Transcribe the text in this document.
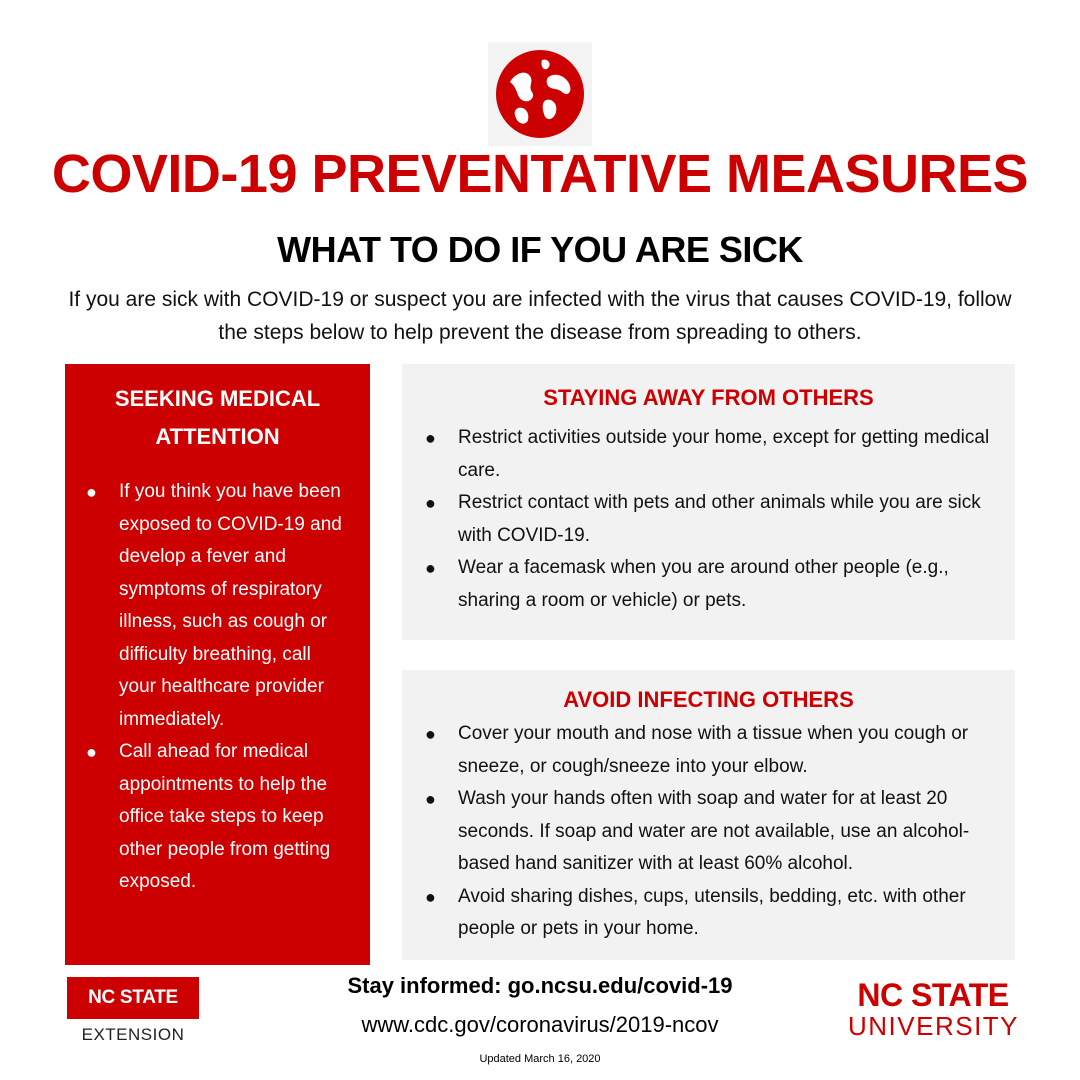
COVID-19 PREVENTATIVE MEASURES
WHAT TO DO IF YOU ARE SICK
If you are sick with COVID-19 or suspect you are infected with the virus that causes COVID-19, follow the steps below to help prevent the disease from spreading to others.
SEEKING MEDICAL
ATTENTION
● If you think you have been exposed to COVID-19 and develop a fever and symptoms of respiratory illness, such as cough or difficulty breathing, call your healthcare provider immediately.
● Call ahead for medical appointments to help the office take steps to keep other people from getting exposed.
STAYING AWAY FROM OTHERS
● Restrict activities outside your home, except for getting medical care.
● Restrict contact with pets and other animals while you are sick with COVID-19.
● Wear a facemask when you are around other people (e.g., sharing a room or vehicle) or pets.
AVOID INFECTING OTHERS
● Cover your mouth and nose with a tissue when you cough or sneeze, or cough/sneeze into your elbow.
● Wash your hands often with soap and water for at least 20 seconds. If soap and water are not available, use an alcohol-based hand sanitizer with at least 60% alcohol.
● Avoid sharing dishes, cups, utensils, bedding, etc. with other people or pets in your home.
NC STATE
EXTENSION
Stay informed: go.ncsu.edu/covid-19
www.cdc.gov/coronavirus/2019-ncov
Updated March 16, 2020
NC STATE
UNIVERSITY
